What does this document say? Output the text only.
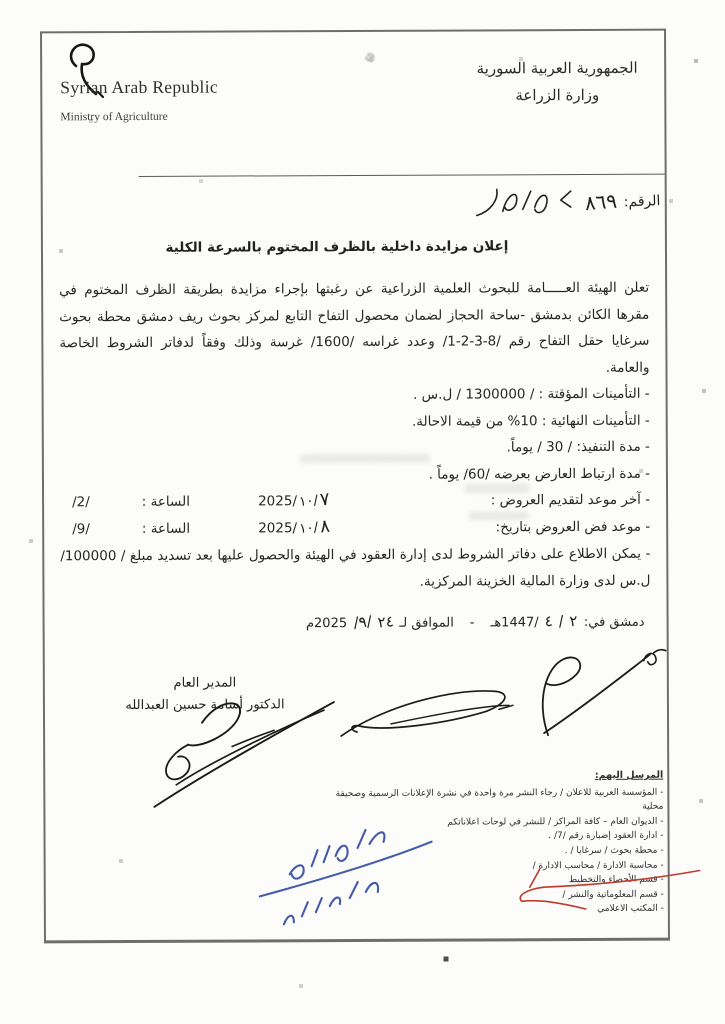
الجمهورية العربية السورية
وزارة الزراعة
Syrian Arab Republic
Ministry of Agriculture
الرقم:
٨٦٩
إعلان مزايدة داخلية بالظرف المختوم بالسرعة الكلية

تعلن الهيئة العـــــامة للبحوث العلمية الزراعية عن رغبتها بإجراء مزايدة بطريقة الظرف المختوم في مقرها الكائن بدمشق -ساحة الحجاز لضمان محصول التفاح التابع لمركز بحوث ريف دمشق محطة بحوث سرغايا حقل التفاح رقم /8-3-2-1/ وعدد غراسه /1600/ غرسة وذلك وفقاً لدفاتر الشروط الخاصة والعامة.

- التأمينات المؤقتة : / 1300000 / ل.س .
- التأمينات النهائية : 10% من قيمة الاحالة.
- مدة التنفيذ: / 30 / يوماً.
- مدة ارتباط العارض بعرضه /60/ يوماً .
- آخر موعد لتقديم العروض :
2025/ ١٠/ ٧
الساعة :
/2/
- موعد فض العروض بتاريخ:
2025/ ١٠/ ٨
الساعة :
/9/

- يمكن الاطلاع على دفاتر الشروط لدى إدارة العقود في الهيئة والحصول عليها بعد تسديد مبلغ / 100000/ ل.س لدى وزارة المالية الخزينة المركزية.

دمشق في:
٢
/
٤
/1447هـ
-
الموافق لـ
٢٤
/٩/
2025م
المدير العام
الدكتور أسامة حسين العبدالله
المرسل اليهم:
- المؤسسة العربية للاعلان / رجاء النشر مرة واحدة في نشرة الإعلانات الرسمية وصحيفة محلية
- الديوان العام – كافة المراكز / للنشر في لوحات اعلاناتكم
- ادارة العقود إضبارة رقم /7/ .
- محطة بحوث / سرغايا / .
- محاسبة الادارة / محاسب الادارة /
- قسم الأحصاء والتخطيط
- قسم المعلوماتية والنشر /
- المكتب الاعلامي
